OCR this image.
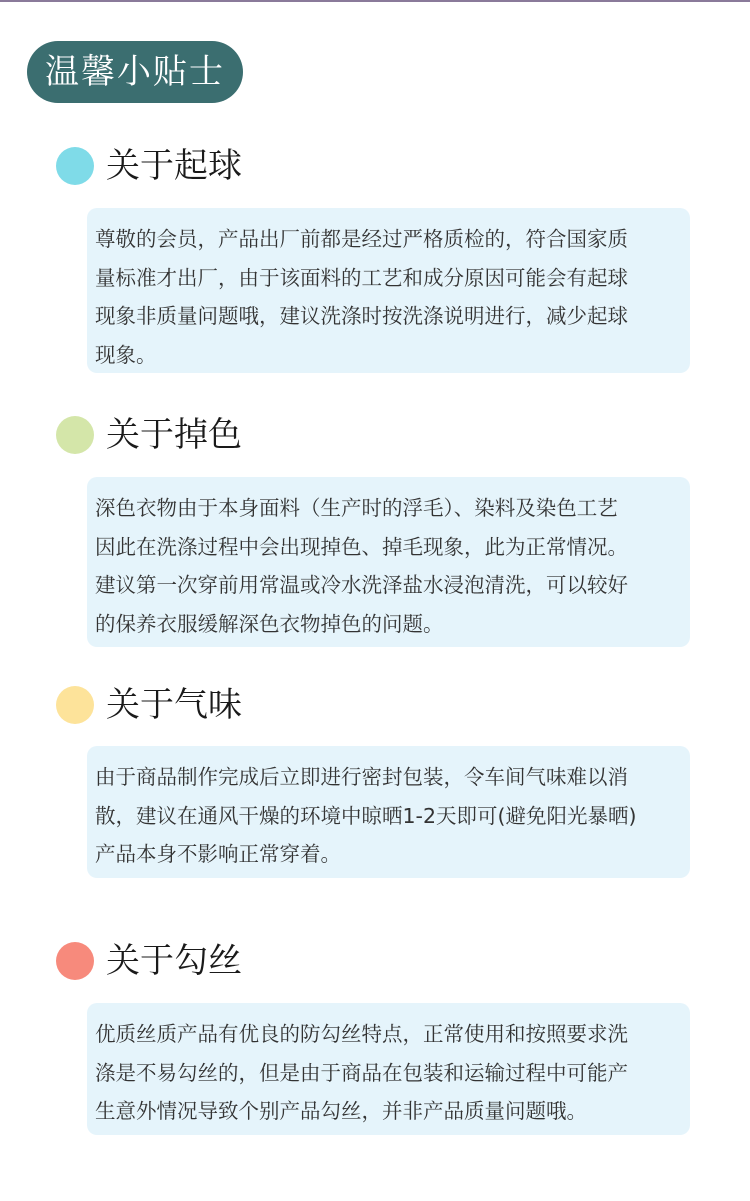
温馨小贴士
关于起球

尊敬的会员，产品出厂前都是经过严格质检的，符合国家质

量标准才出厂，由于该面料的工艺和成分原因可能会有起球

现象非质量问题哦，建议洗涤时按洗涤说明进行，减少起球

现象。

关于掉色

深色衣物由于本身面料（生产时的浮毛）、染料及染色工艺

因此在洗涤过程中会出现掉色、掉毛现象，此为正常情况。

建议第一次穿前用常温或冷水洗泽盐水浸泡清洗，可以较好

的保养衣服缓解深色衣物掉色的问题。

关于气味

由于商品制作完成后立即进行密封包装，令车间气味难以消

散，建议在通风干燥的环境中晾晒1-2天即可(避免阳光暴晒)

产品本身不影响正常穿着。

关于勾丝

优质丝质产品有优良的防勾丝特点，正常使用和按照要求洗

涤是不易勾丝的，但是由于商品在包装和运输过程中可能产

生意外情况导致个别产品勾丝，并非产品质量问题哦。
